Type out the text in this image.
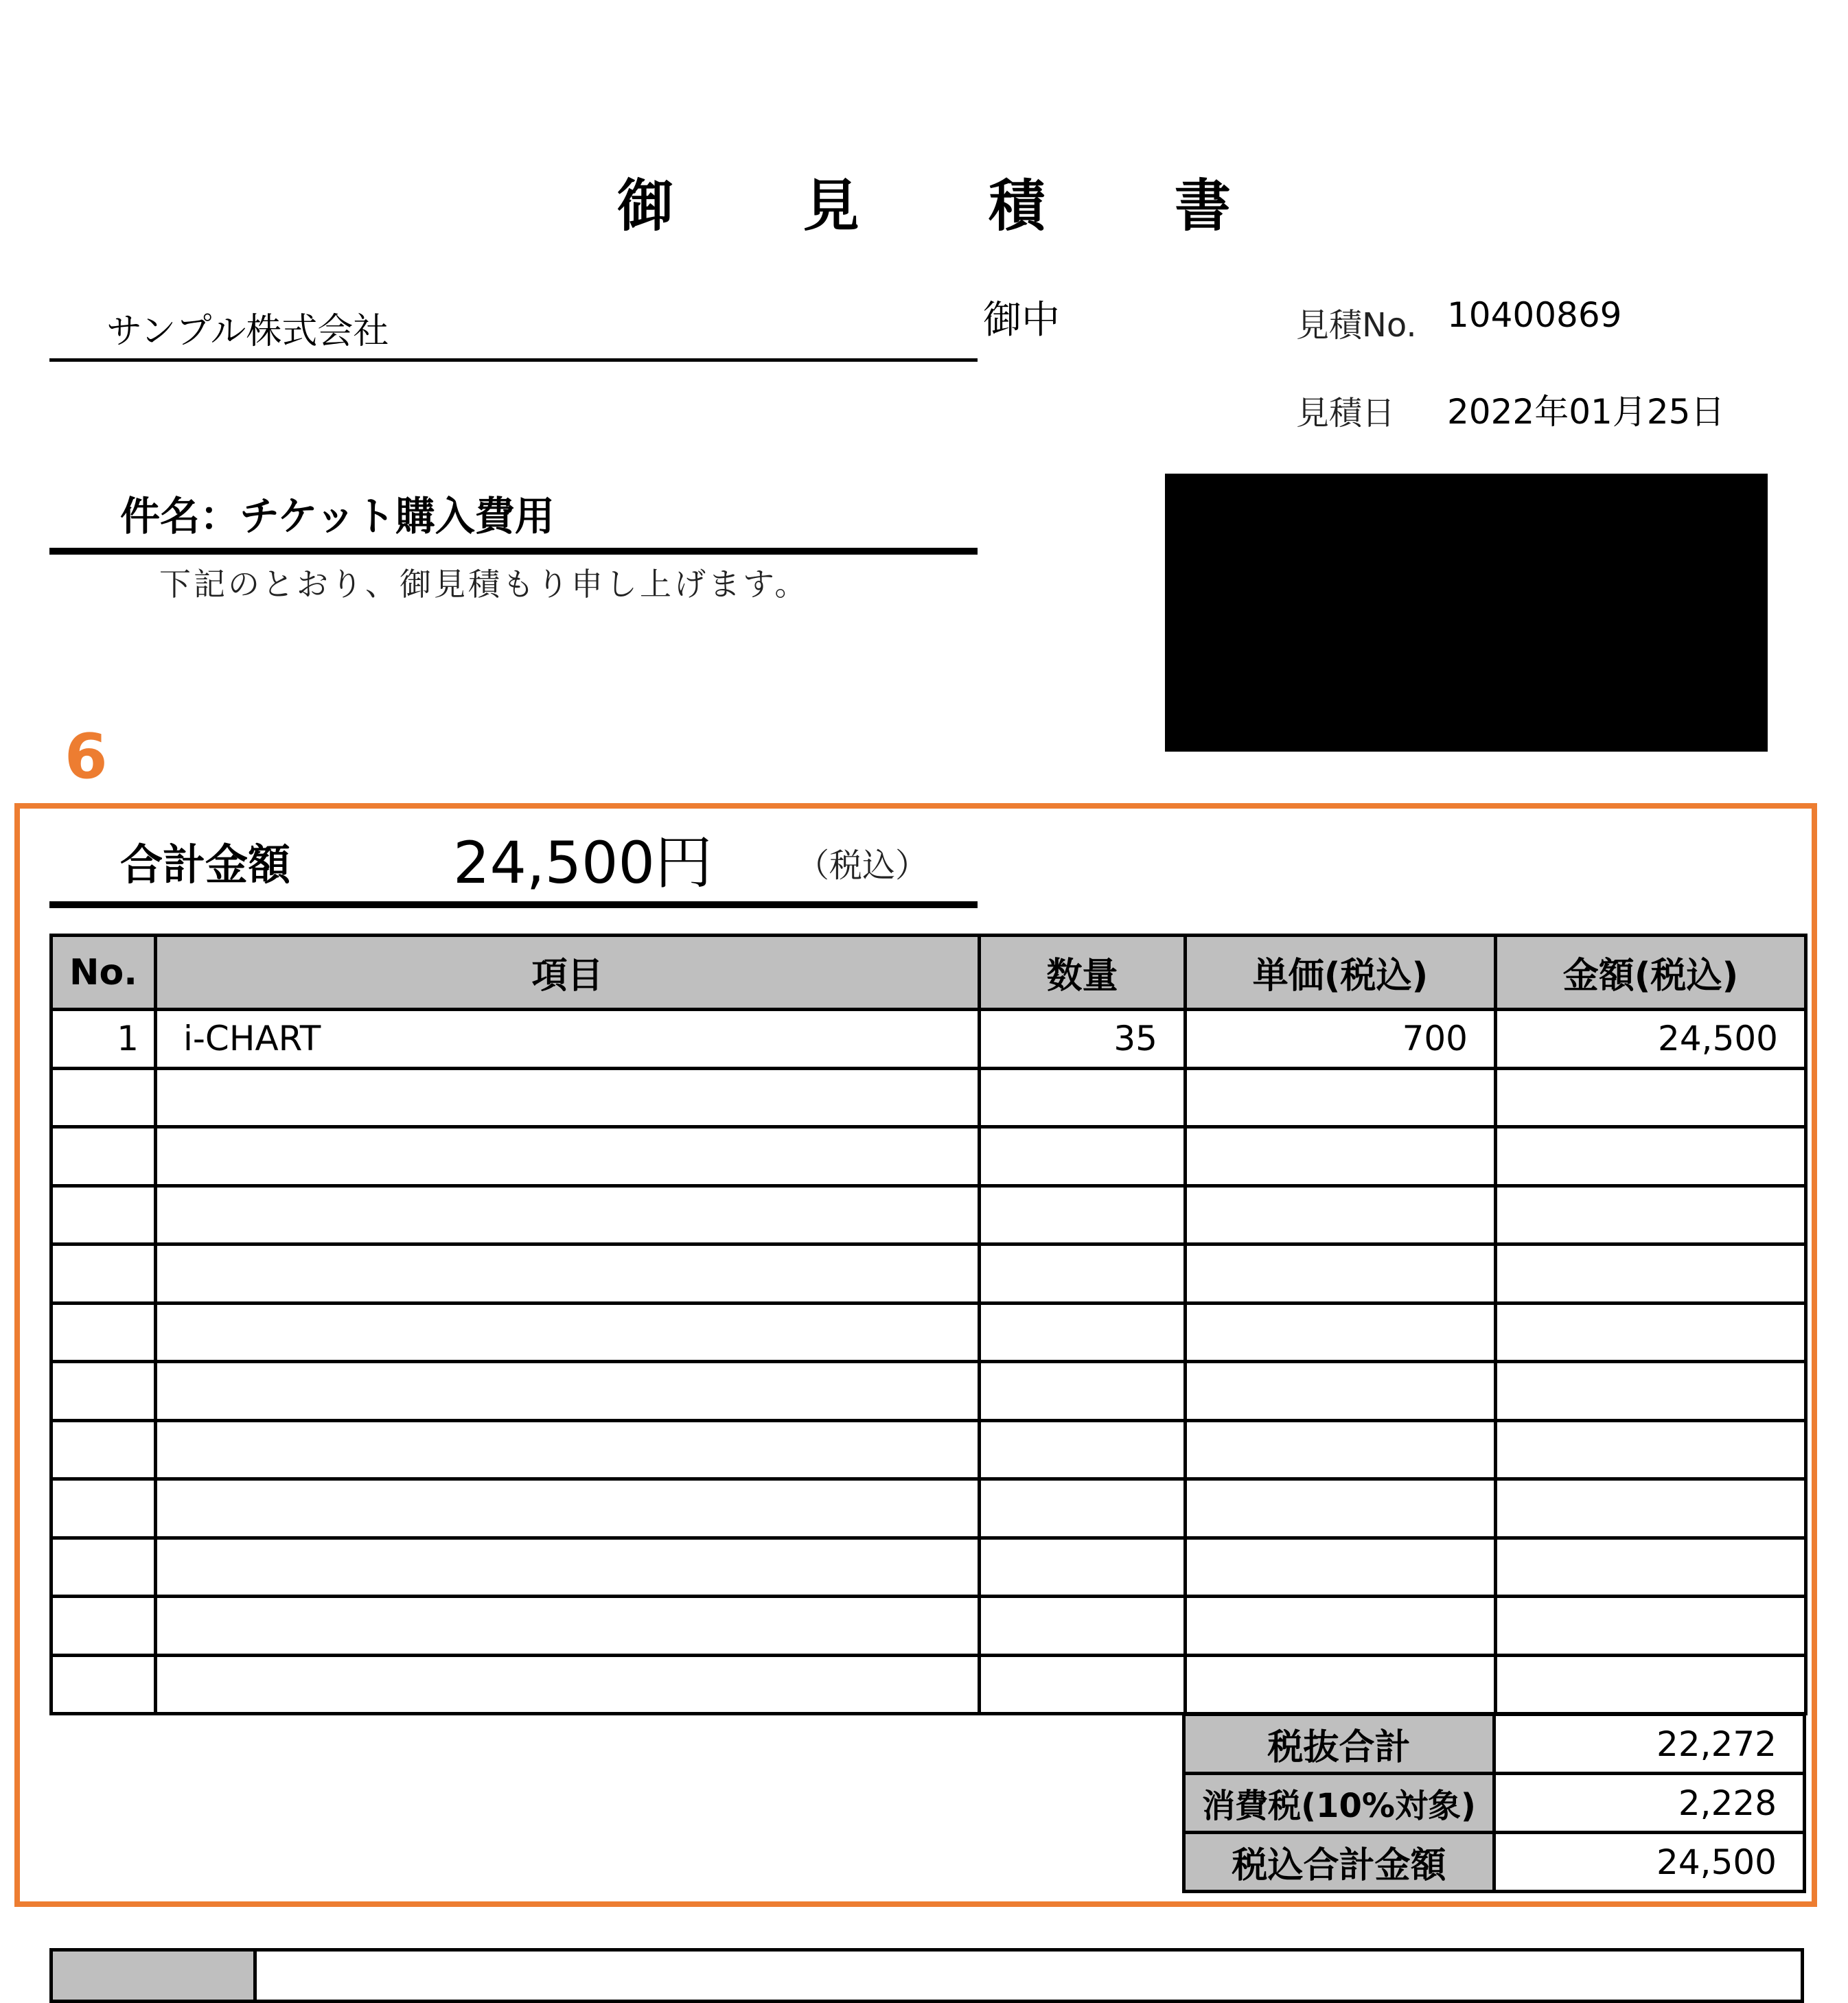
御 見 積 書
サンプル株式会社	御中	見積No. 10400869
見積日 2022年01月25日
件名：チケット購入費用
下記のとおり、御見積もり申し上げます。
6
合計金額	24,500円	（税込）
No.	項目	数量	単価(税込)	金額(税込)
1	i-CHART	35	700	24,500

税抜合計	22,272
消費税(10%対象)	2,228
税込合計金額	24,500
